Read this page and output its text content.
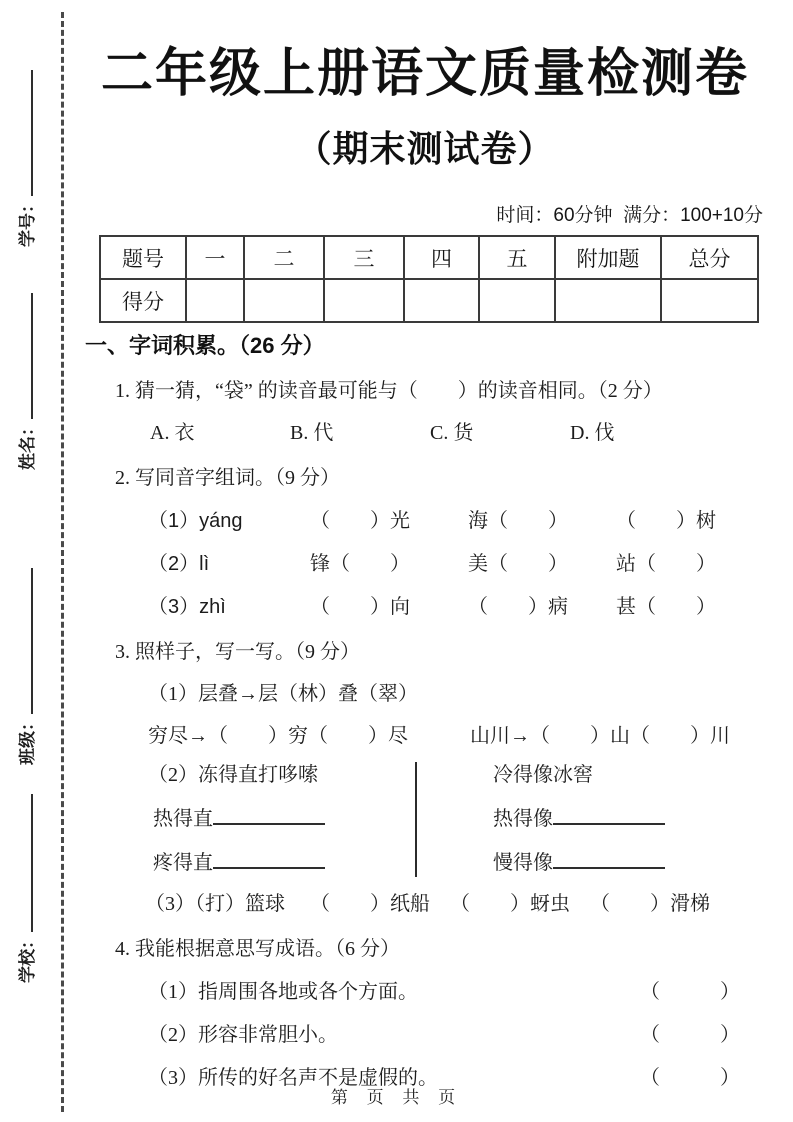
学号：
姓名：
班级：
学校：
二年级上册语文质量检测卷
（期末测试卷）
时间：60分钟  满分：100+10分
题号	一	二	三	四	五	附加题	总分
得分							
一、字词积累。（26 分）
1. 猜一猜，“袋” 的读音最可能与（　　）的读音相同。（2 分）
A. 衣	B. 代	C. 货	D. 伐
2. 写同音字组词。（9 分）
（1）yáng	（　　）光	海（　　）	（　　）树
（2）lì	锋（　　）	美（　　）	站（　　）
（3）zhì	（　　）向	（　　）病	甚（　　）
3. 照样子，写一写。（9 分）
（1）层叠→层（林）叠（翠）
穷尽→（　　）穷（　　）尽	山川→（　　）山（　　）川
（2）冻得直打哆嗦
热得直
疼得直
冷得像冰窖
热得像
慢得像
（3）（打）篮球	（　　）纸船	（　　）蚜虫	（　　）滑梯
4. 我能根据意思写成语。（6 分）
（1）指周围各地或各个方面。	（　　　）
（2）形容非常胆小。	（　　　）
（3）所传的好名声不是虚假的。	（　　　）
第 页 共 页
